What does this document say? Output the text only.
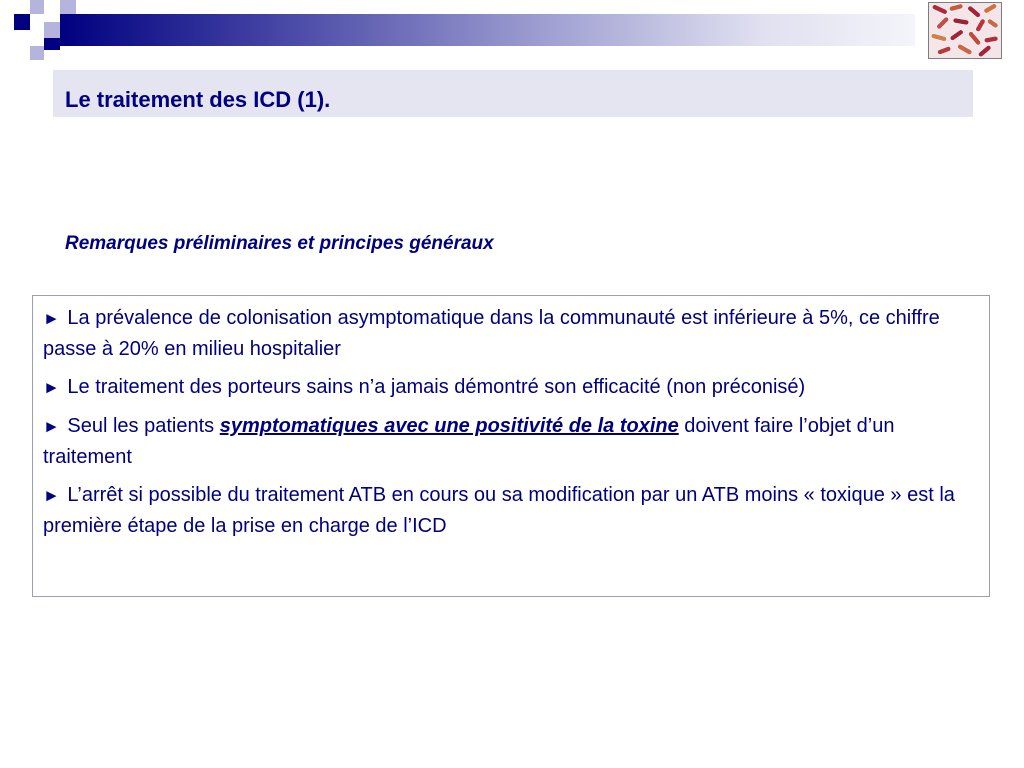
Le traitement des ICD (1).
Remarques préliminaires et principes généraux

► La prévalence de colonisation asymptomatique dans la communauté est inférieure à 5%, ce chiffre passe à 20% en milieu hospitalier

► Le traitement des porteurs sains n’a jamais démontré son efficacité (non préconisé)

► Seul les patients symptomatiques avec une positivité de la toxine doivent faire l’objet d’un traitement

► L’arrêt si possible du traitement ATB en cours ou sa modification par un ATB moins « toxique » est la première étape de la prise en charge de l’ICD
